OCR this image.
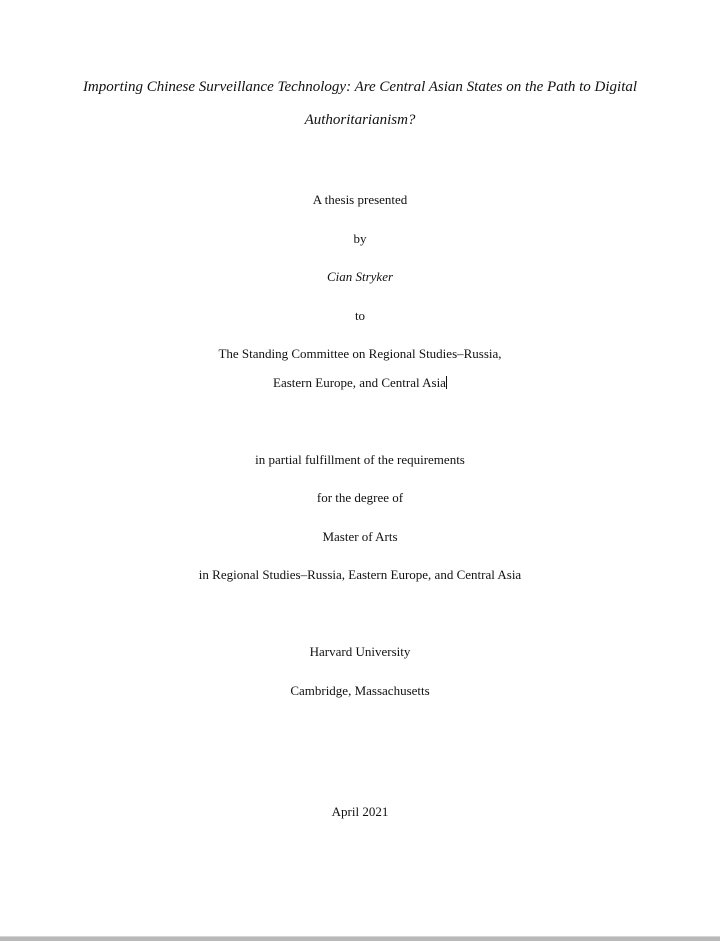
Importing Chinese Surveillance Technology: Are Central Asian States on the Path to Digital
Authoritarianism?
A thesis presented
by
Cian Stryker
to
The Standing Committee on Regional Studies–Russia,
Eastern Europe, and Central Asia
in partial fulfillment of the requirements
for the degree of
Master of Arts
in Regional Studies–Russia, Eastern Europe, and Central Asia
Harvard University
Cambridge, Massachusetts
April 2021
